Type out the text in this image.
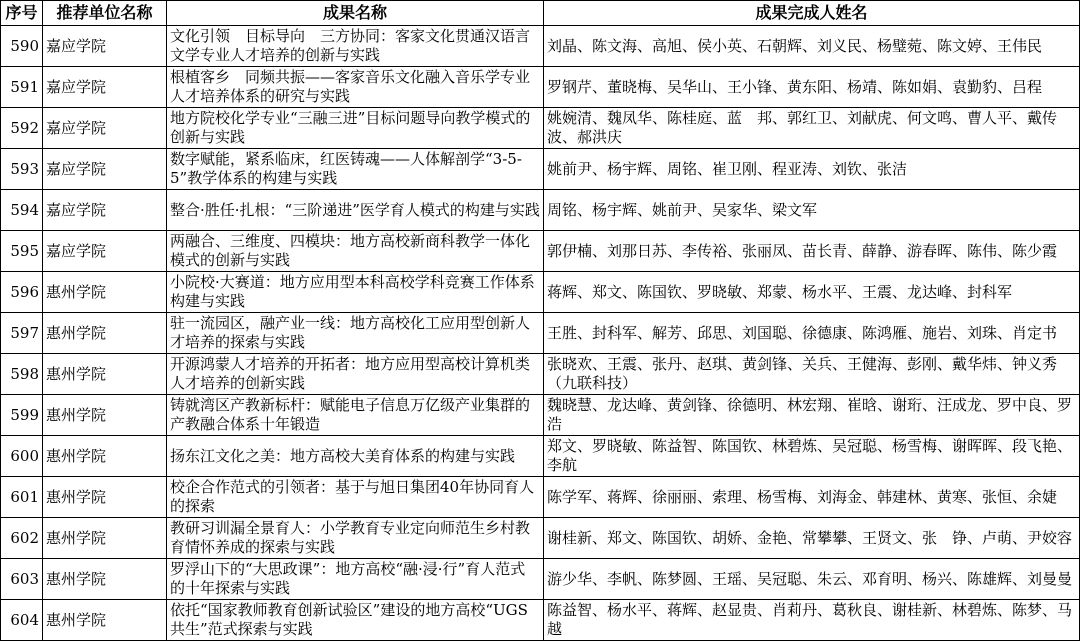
序号	推荐单位名称	成果名称	成果完成人姓名
590	嘉应学院	文化引领　目标导向　三方协同：客家文化贯通汉语言文学专业人才培养的创新与实践	刘晶、陈文海、高旭、侯小英、石朝辉、刘义民、杨璧菀、陈文婷、王伟民
591	嘉应学院	根植客乡　同频共振——客家音乐文化融入音乐学专业人才培养体系的研究与实践	罗钢芹、董晓梅、吴华山、王小锋、黄东阳、杨靖、陈如娟、袁勤豹、吕程
592	嘉应学院	地方院校化学专业“三融三进”目标问题导向教学模式的创新与实践	姚婉清、魏凤华、陈桂庭、蓝　邦、郭红卫、刘献虎、何文鸣、曹人平、戴传波、郝洪庆
593	嘉应学院	数字赋能，紧系临床，红医铸魂——人体解剖学“3-5-5”教学体系的构建与实践	姚前尹、杨宇辉、周铭、崔卫刚、程亚涛、刘钦、张洁
594	嘉应学院	整合·胜任·扎根：“三阶递进”医学育人模式的构建与实践	周铭、杨宇辉、姚前尹、吴家华、梁文军
595	嘉应学院	两融合、三维度、四模块：地方高校新商科教学一体化模式的创新与实践	郭伊楠、刘那日苏、李传裕、张丽凤、苗长青、薛静、游春晖、陈伟、陈少霞
596	惠州学院	小院校·大赛道：地方应用型本科高校学科竞赛工作体系构建与实践	蒋辉、郑文、陈国钦、罗晓敏、郑蒙、杨水平、王震、龙达峰、封科军
597	惠州学院	驻一流园区，融产业一线：地方高校化工应用型创新人才培养的探索与实践	王胜、封科军、解芳、邱思、刘国聪、徐德康、陈鸿雁、施岩、刘珠、肖定书
598	惠州学院	开源鸿蒙人才培养的开拓者：地方应用型高校计算机类人才培养的创新实践	张晓欢、王震、张丹、赵琪、黄剑锋、关兵、王健海、彭刚、戴华炜、钟义秀（九联科技）
599	惠州学院	铸就湾区产教新标杆：赋能电子信息万亿级产业集群的产教融合体系十年锻造	魏晓慧、龙达峰、黄剑锋、徐德明、林宏翔、崔晗、谢珩、汪成龙、罗中良、罗浩
600	惠州学院	扬东江文化之美：地方高校大美育体系的构建与实践	郑文、罗晓敏、陈益智、陈国钦、林碧炼、吴冠聪、杨雪梅、谢晖晖、段飞艳、李航
601	惠州学院	校企合作范式的引领者：基于与旭日集团40年协同育人的探索	陈学军、蒋辉、徐丽丽、索理、杨雪梅、刘海金、韩建林、黄寒、张恒、余婕
602	惠州学院	教研习训漏全景育人：小学教育专业定向师范生乡村教育情怀养成的探索与实践	谢桂新、郑文、陈国钦、胡娇、金艳、常攀攀、王贤文、张　铮、卢萌、尹姣容
603	惠州学院	罗浮山下的“大思政课”：地方高校“融·浸·行”育人范式的十年探索与实践	游少华、李帆、陈梦圆、王瑶、吴冠聪、朱云、邓育明、杨兴、陈雄辉、刘曼曼
604	惠州学院	依托“国家教师教育创新试验区”建设的地方高校“UGS共生”范式探索与实践	陈益智、杨水平、蒋辉、赵显贵、肖莉丹、葛秋良、谢桂新、林碧炼、陈梦、马越
